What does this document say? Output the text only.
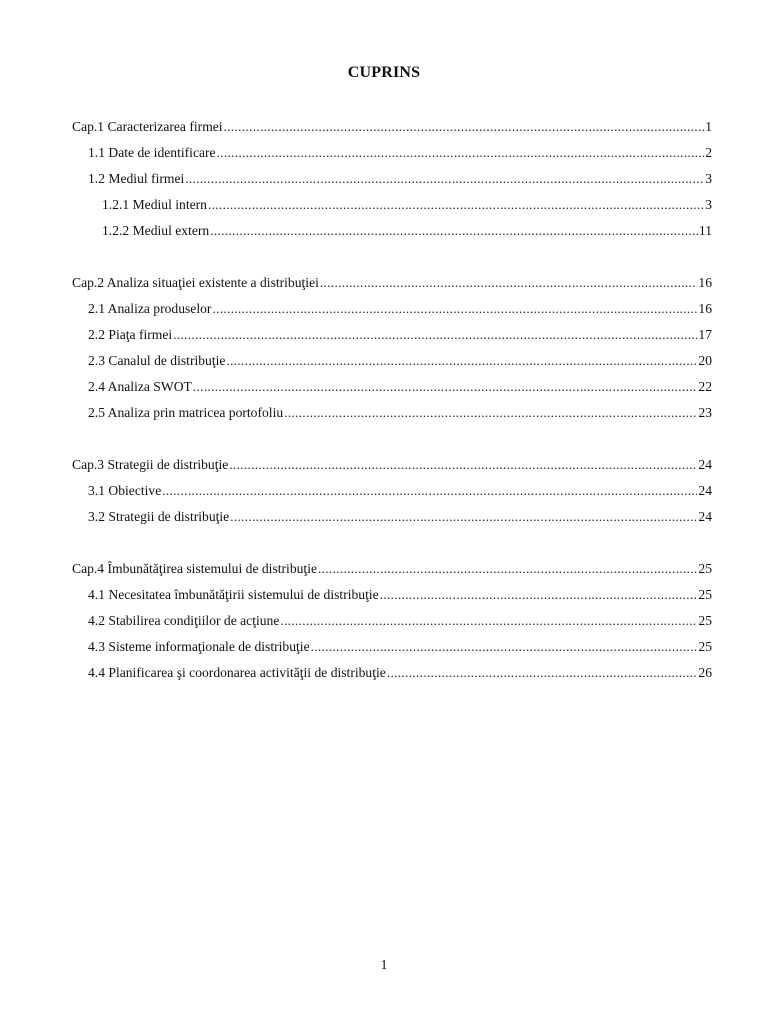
CUPRINS
Cap.1 Caracterizarea firmei .....	1
1.1 Date de identificare .....	2
1.2 Mediul firmei .....	3
1.2.1 Mediul intern .....	3
1.2.2 Mediul extern .....	11
Cap.2 Analiza situaţiei existente a distribuţiei .....	16
2.1 Analiza produselor .....	16
2.2 Piaţa firmei .....	17
2.3 Canalul de distribuţie .....	20
2.4 Analiza SWOT .....	22
2.5 Analiza prin matricea portofoliu .....	23
Cap.3 Strategii de distribuţie .....	24
3.1 Obiective .....	24
3.2 Strategii de distribuţie .....	24
Cap.4 Îmbunătăţirea sistemului de distribuţie .....	25
4.1 Necesitatea îmbunătăţirii sistemului de distribuţie .....	25
4.2 Stabilirea condiţiilor de acţiune .....	25
4.3 Sisteme informaţionale de distribuţie .....	25
4.4 Planificarea şi coordonarea activităţii de distribuţie .....	26
1
